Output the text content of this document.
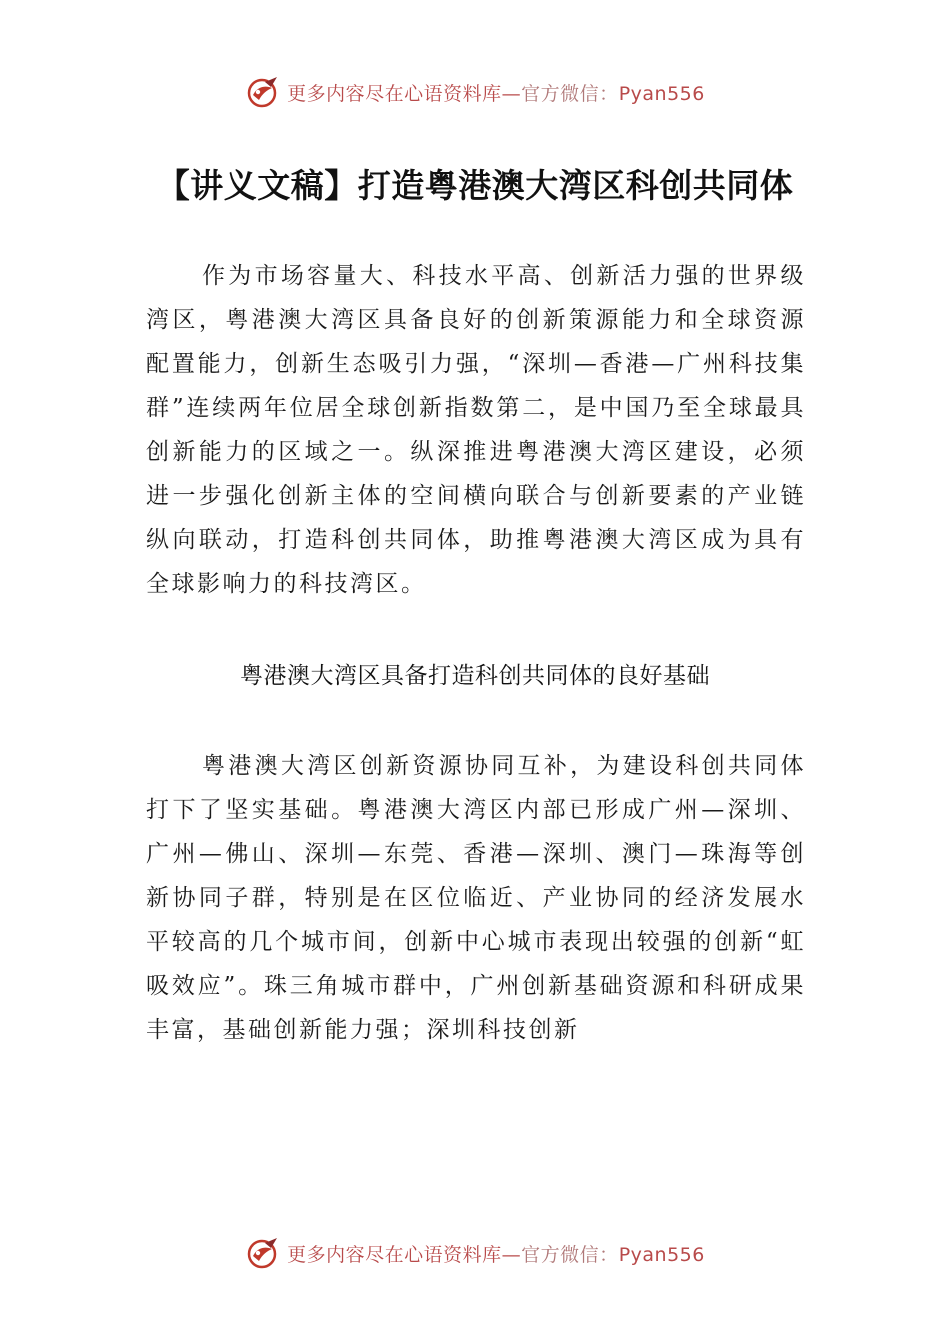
更多内容尽在心语资料库—官方微信：Pyan556
【讲义文稿】打造粤港澳大湾区科创共同体

作为市场容量大、科技水平高、创新活力强的世界级湾区，粤港澳大湾区具备良好的创新策源能力和全球资源配置能力，创新生态吸引力强，“深圳—香港—广州科技集群”连续两年位居全球创新指数第二，是中国乃至全球最具创新能力的区域之一。纵深推进粤港澳大湾区建设，必须进一步强化创新主体的空间横向联合与创新要素的产业链纵向联动，打造科创共同体，助推粤港澳大湾区成为具有全球影响力的科技湾区。

粤港澳大湾区具备打造科创共同体的良好基础

粤港澳大湾区创新资源协同互补，为建设科创共同体打下了坚实基础。粤港澳大湾区内部已形成广州—深圳、广州—佛山、深圳—东莞、香港—深圳、澳门—珠海等创新协同子群，特别是在区位临近、产业协同的经济发展水平较高的几个城市间，创新中心城市表现出较强的创新“虹吸效应”。珠三角城市群中，广州创新基础资源和科研成果丰富，基础创新能力强；深圳科技创新

更多内容尽在心语资料库—官方微信：Pyan556
